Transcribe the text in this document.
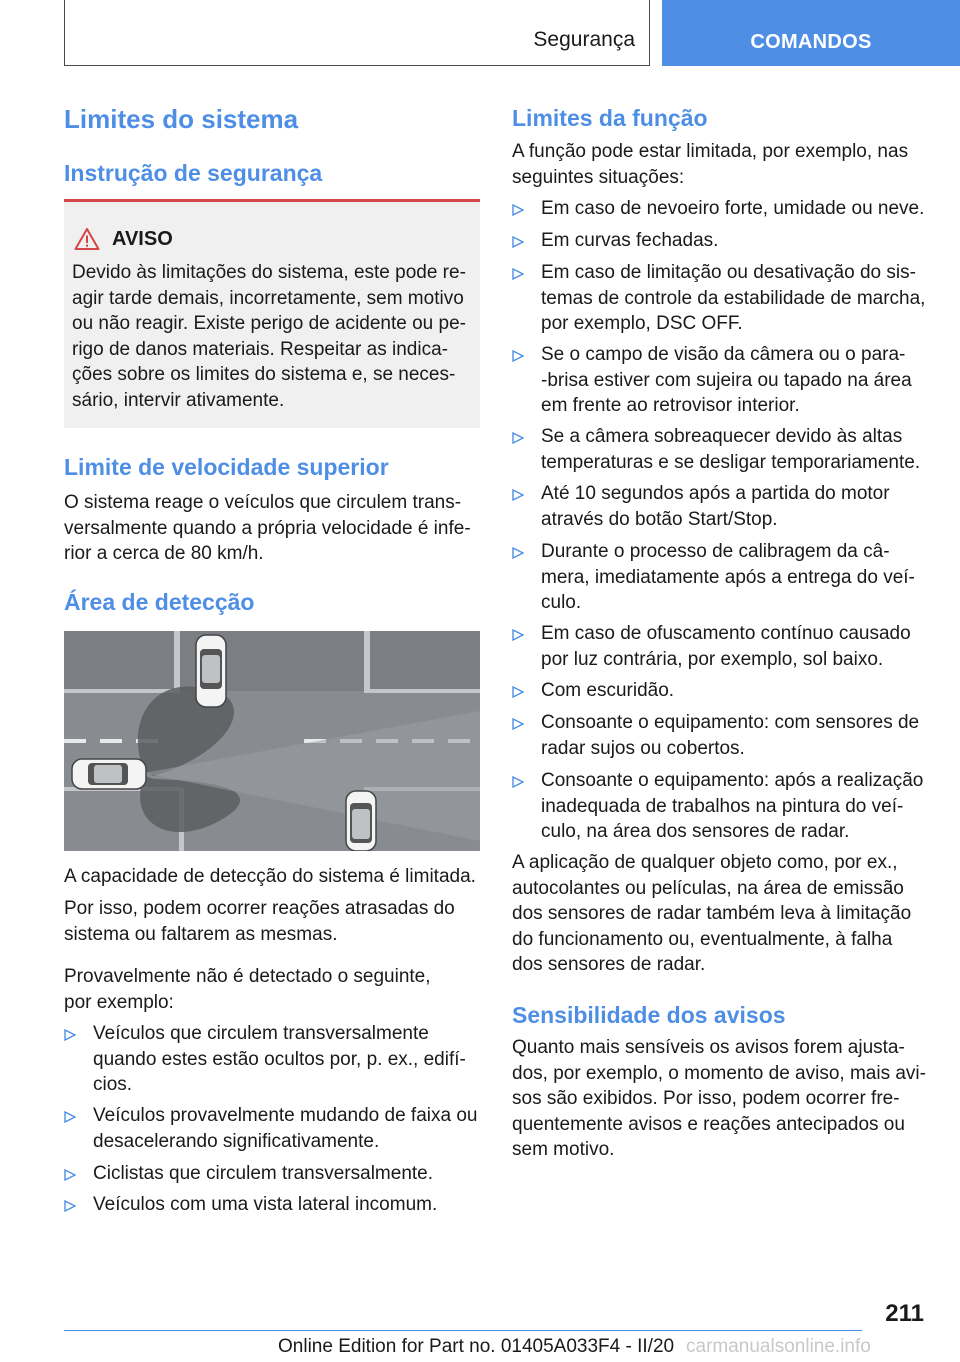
Segurança	COMANDOS
Limites do sistema
Instrução de segurança
AVISO
Devido às limitações do sistema, este pode re‐
agir tarde demais, incorretamente, sem motivo
ou não reagir. Existe perigo de acidente ou pe‐
rigo de danos materiais. Respeitar as indica‐
ções sobre os limites do sistema e, se neces‐
sário, intervir ativamente.
Limite de velocidade superior
O sistema reage o veículos que circulem trans‐
versalmente quando a própria velocidade é infe‐
rior a cerca de 80 km/h.
Área de detecção
A capacidade de detecção do sistema é limitada.
Por isso, podem ocorrer reações atrasadas do
sistema ou faltarem as mesmas.
Provavelmente não é detectado o seguinte,
por exemplo:
Veículos que circulem transversalmente
quando estes estão ocultos por, p. ex., edifí‐
cios.
Veículos provavelmente mudando de faixa ou
desacelerando significativamente.
Ciclistas que circulem transversalmente.
Veículos com uma vista lateral incomum.
Limites da função
A função pode estar limitada, por exemplo, nas
seguintes situações:
Em caso de nevoeiro forte, umidade ou neve.
Em curvas fechadas.
Em caso de limitação ou desativação do sis‐
temas de controle da estabilidade de marcha,
por exemplo, DSC OFF.
Se o campo de visão da câmera ou o para‐
-brisa estiver com sujeira ou tapado na área
em frente ao retrovisor interior.
Se a câmera sobreaquecer devido às altas
temperaturas e se desligar temporariamente.
Até 10 segundos após a partida do motor
através do botão Start/Stop.
Durante o processo de calibragem da câ‐
mera, imediatamente após a entrega do veí‐
culo.
Em caso de ofuscamento contínuo causado
por luz contrária, por exemplo, sol baixo.
Com escuridão.
Consoante o equipamento: com sensores de
radar sujos ou cobertos.
Consoante o equipamento: após a realização
inadequada de trabalhos na pintura do veí‐
culo, na área dos sensores de radar.
A aplicação de qualquer objeto como, por ex.,
autocolantes ou películas, na área de emissão
dos sensores de radar também leva à limitação
do funcionamento ou, eventualmente, à falha
dos sensores de radar.
Sensibilidade dos avisos
Quanto mais sensíveis os avisos forem ajusta‐
dos, por exemplo, o momento de aviso, mais avi‐
sos são exibidos. Por isso, podem ocorrer fre‐
quentemente avisos e reações antecipados ou
sem motivo.
211
Online Edition for Part no. 01405A033F4 - II/20 carmanualsonline.info
